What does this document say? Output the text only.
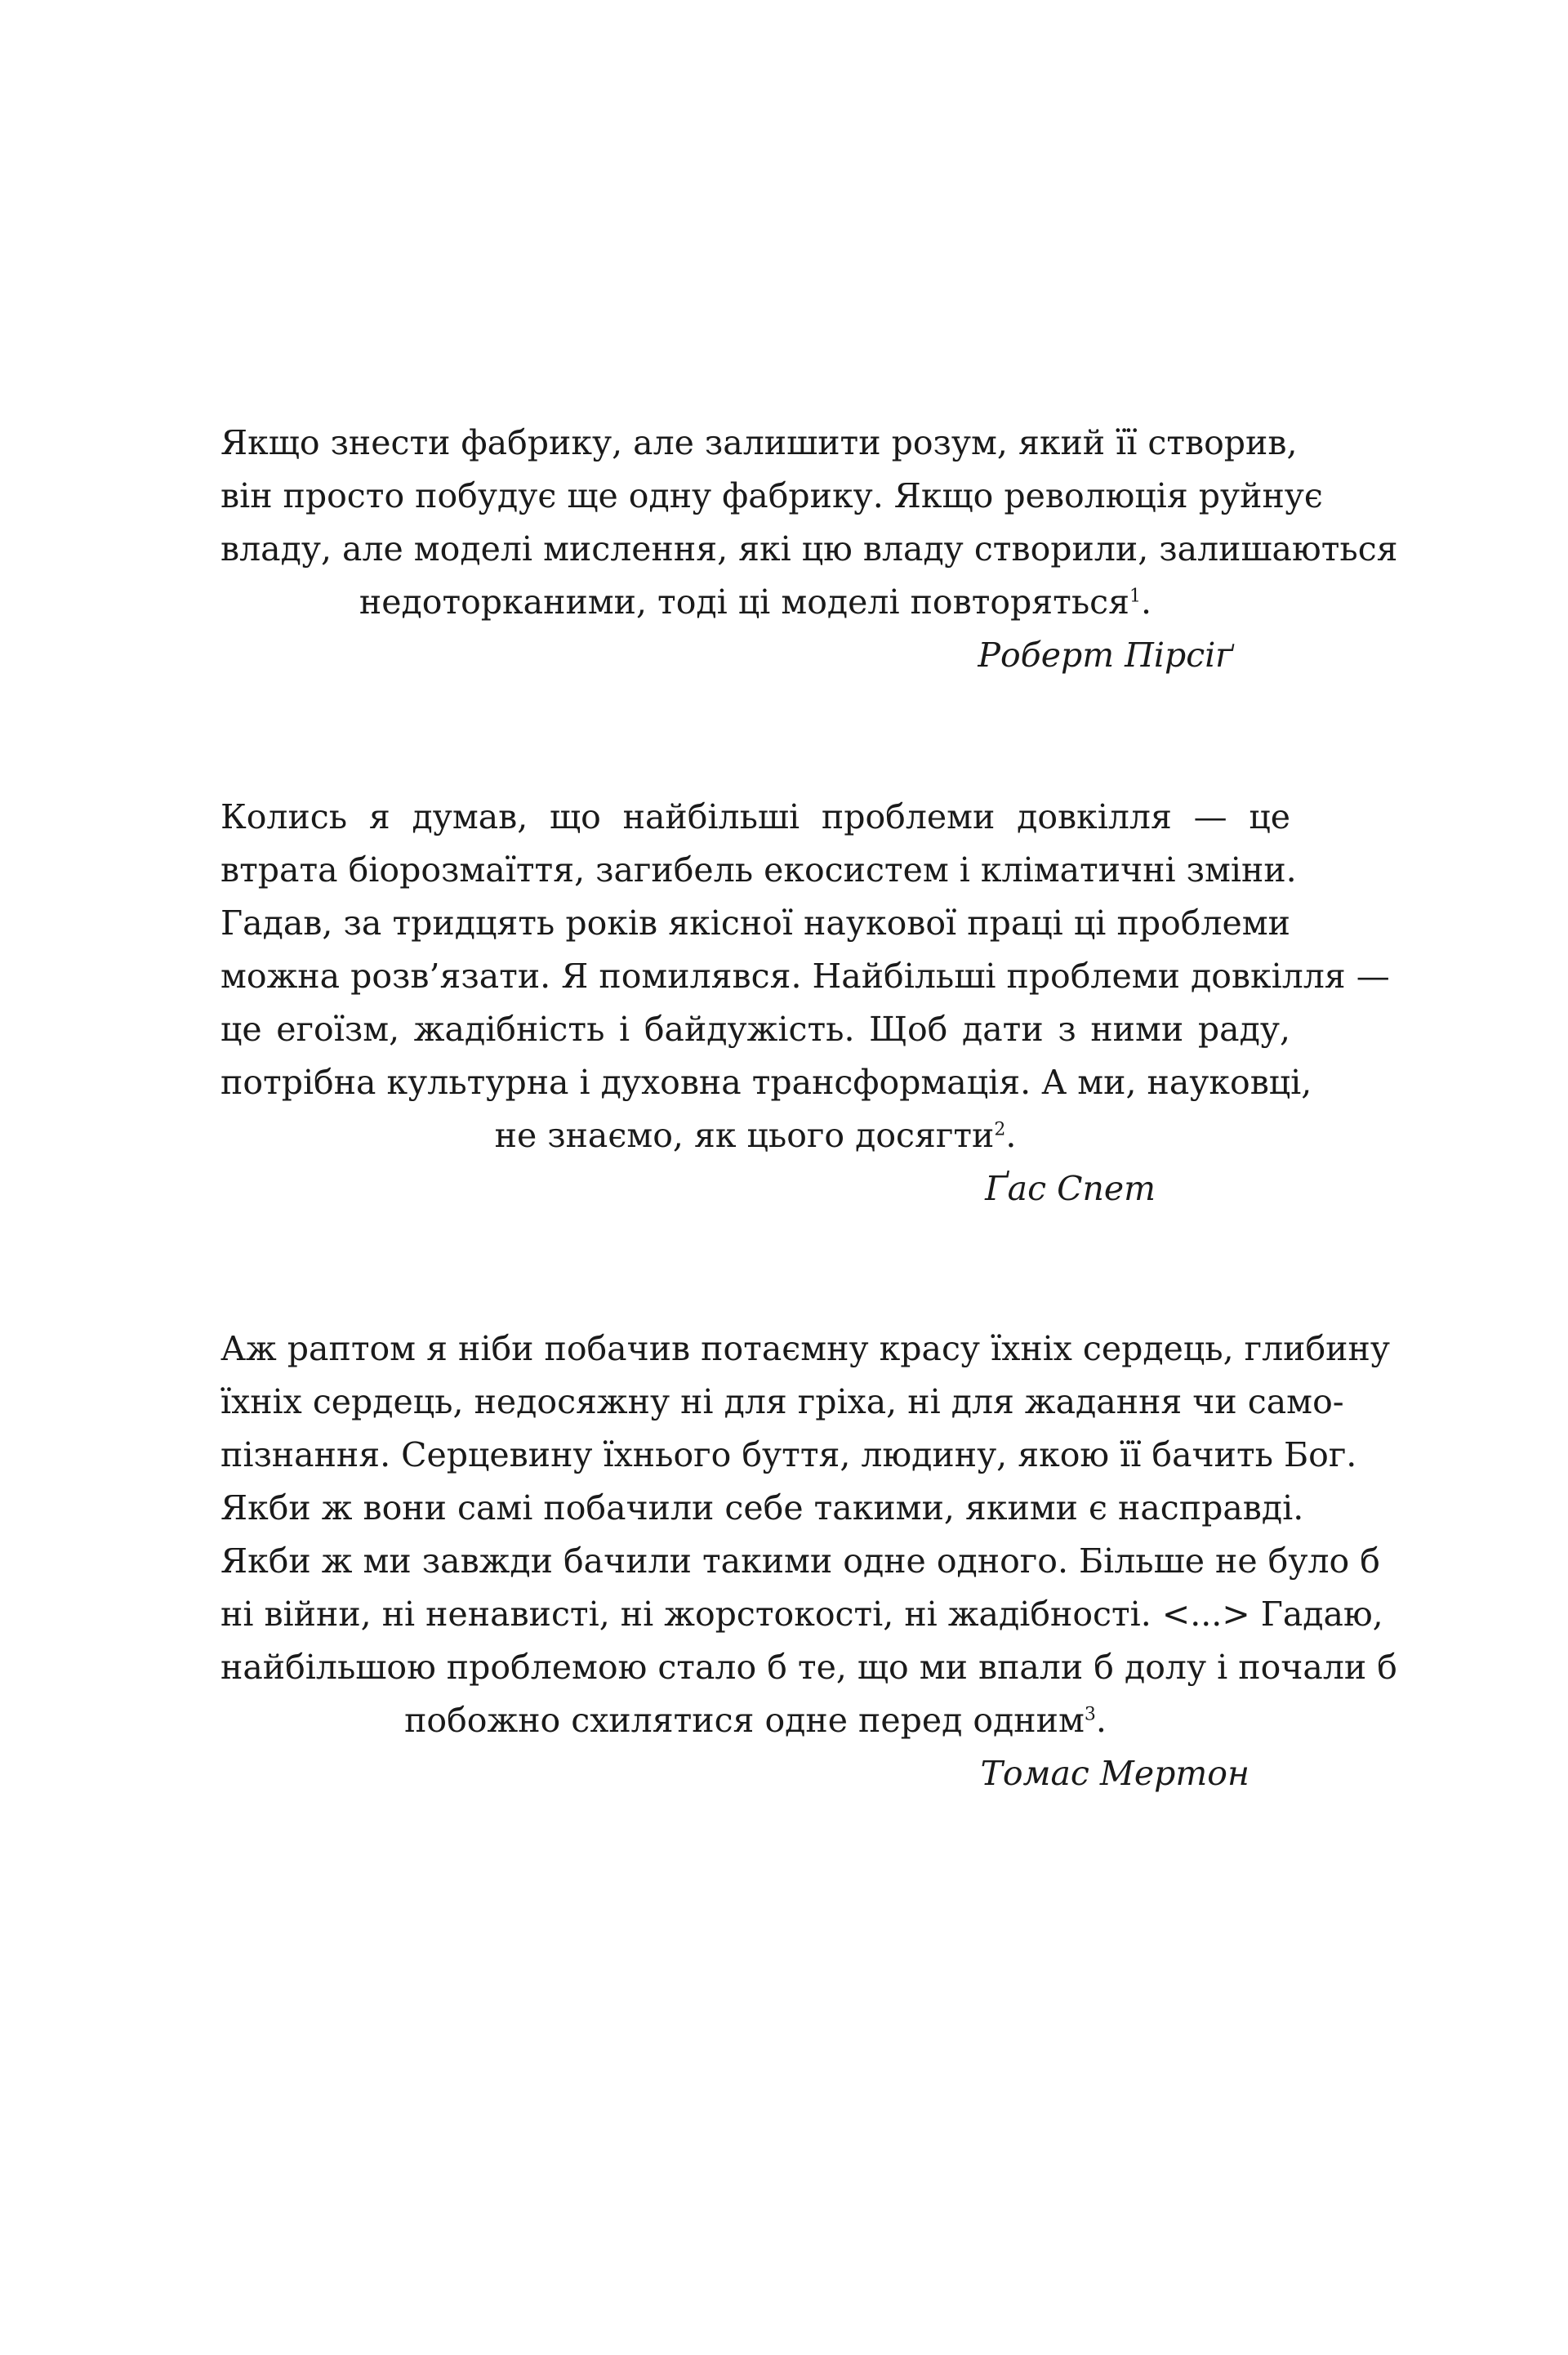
Якщо знести фабрику, але залишити розум, який її створив,
він просто побудує ще одну фабрику. Якщо революція руйнує
владу, але моделі мислення, які цю владу створили, залишаються
недоторканими, тоді ці моделі повторяться$^1$.
Роберт Пірсіґ
Колись я думав, що найбільші проблеми довкілля — це
втрата біорозмаїття, загибель екосистем і кліматичні зміни.
Гадав, за тридцять років якісної наукової праці ці проблеми
можна розв’язати. Я помилявся. Найбільші проблеми довкілля —
це егоїзм, жадібність і байдужість. Щоб дати з ними раду,
потрібна культурна і духовна трансформація. А ми, науковці,
не знаємо, як цього досягти$^2$.
Ґас Спет
Аж раптом я ніби побачив потаємну красу їхніх сердець, глибину
їхніх сердець, недосяжну ні для гріха, ні для жадання чи само-
пізнання. Серцевину їхнього буття, людину, якою її бачить Бог.
Якби ж вони самі побачили себе такими, якими є насправді.
Якби ж ми завжди бачили такими одне одного. Більше не було б
ні війни, ні ненависті, ні жорстокості, ні жадібності. <...> Гадаю,
найбільшою проблемою стало б те, що ми впали б долу і почали б
побожно схилятися одне перед одним$^3$.
Томас Мертон
